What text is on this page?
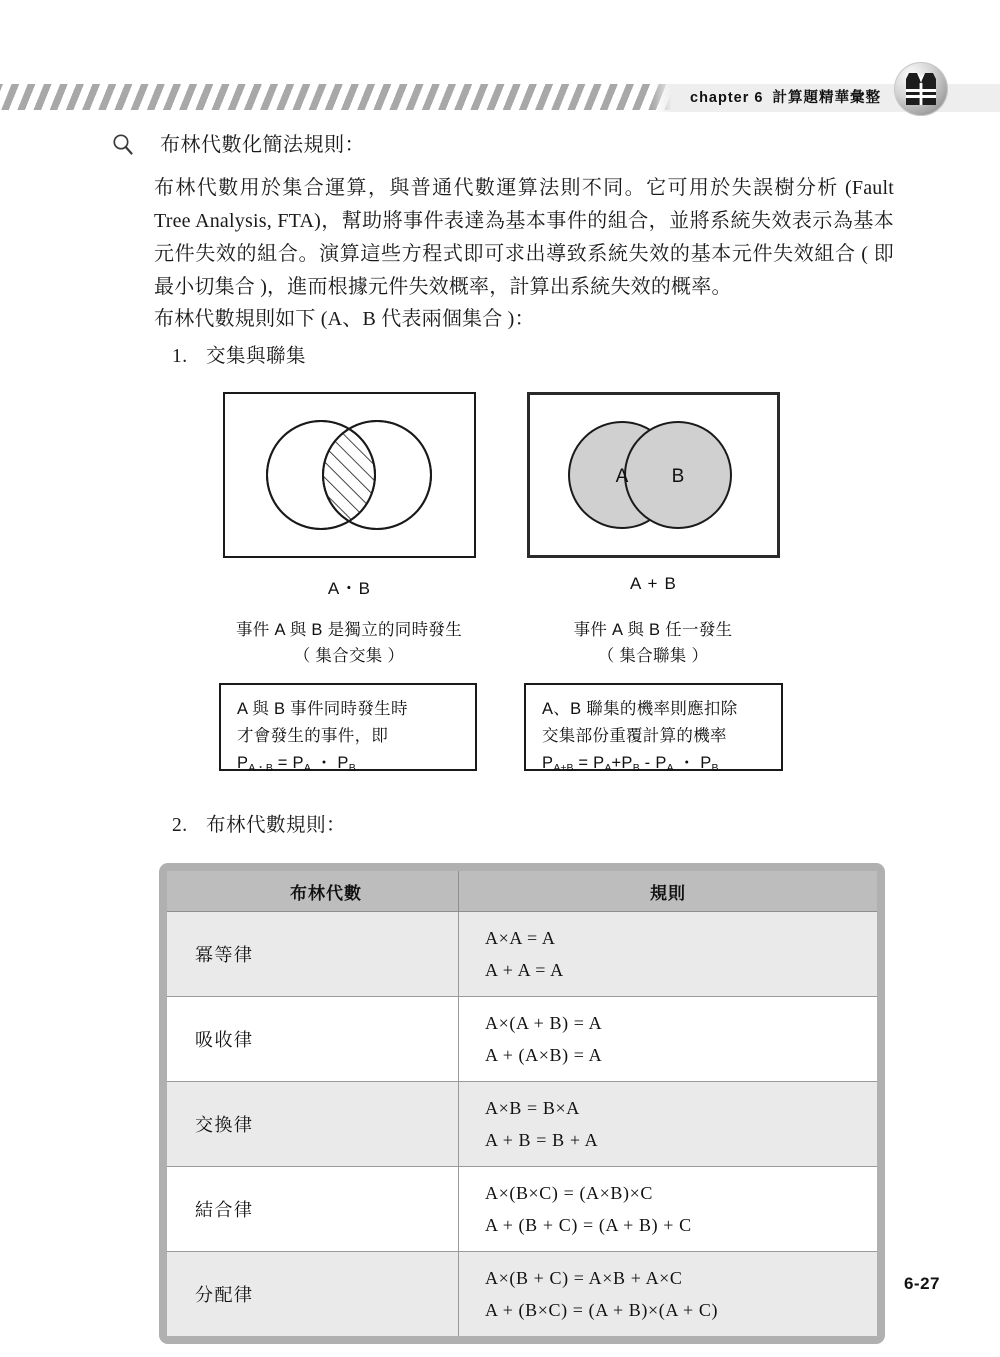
chapter 6 計算題精華彙整
布林代數化簡法規則：
布林代數用於集合運算，與普通代數運算法則不同。它可用於失誤樹分析 (Fault Tree Analysis, FTA)，幫助將事件表達為基本事件的組合，並將系統失效表示為基本元件失效的組合。演算這些方程式即可求出導致系統失效的基本元件失效組合 ( 即最小切集合 )，進而根據元件失效概率，計算出系統失效的概率。
布林代數規則如下 (A、B 代表兩個集合 )：
1. 交集與聯集
A・B
A B
A + B
事件 A 與 B 是獨立的同時發生
（ 集合交集 ）
事件 A 與 B 任一發生
（ 集合聯集 ）
A 與 B 事件同時發生時
才會發生的事件，即
$P_{A・B} = P_A$ ・ $P_B$
A、B 聯集的機率則應扣除
交集部份重覆計算的機率
$P_{A+B} = P_A+P_B - P_A$ ・ $P_B$
2. 布林代數規則：
布林代數	規則
冪等律	A×A = A
A + A = A

吸收律	A×(A + B) = A
A + (A×B) = A

交換律	A×B = B×A
A + B = B + A

結合律	A×(B×C) = (A×B)×C
A + (B + C) = (A + B) + C

分配律	A×(B + C) = A×B + A×C
A + (B×C) = (A + B)×(A + C)
6-27
